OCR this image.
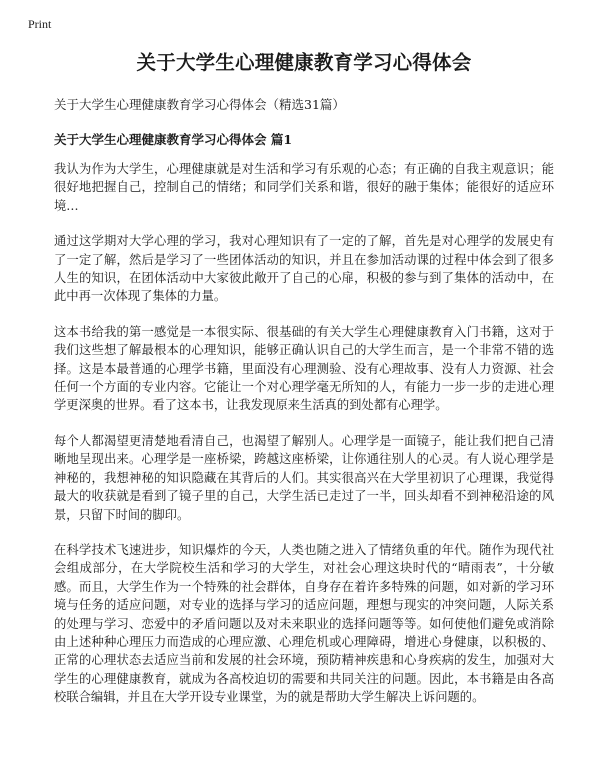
Print
关于大学生心理健康教育学习心得体会
关于大学生心理健康教育学习心得体会（精选31篇）
关于大学生心理健康教育学习心得体会 篇1

我认为作为大学生，心理健康就是对生活和学习有乐观的心态；有正确的自我主观意识；能很好地把握自己，控制自己的情绪；和同学们关系和谐，很好的融于集体；能很好的适应环境…

通过这学期对大学心理的学习，我对心理知识有了一定的了解，首先是对心理学的发展史有了一定了解，然后是学习了一些团体活动的知识，并且在参加活动课的过程中体会到了很多人生的知识，在团体活动中大家彼此敞开了自己的心扉，积极的参与到了集体的活动中，在此中再一次体现了集体的力量。

这本书给我的第一感觉是一本很实际、很基础的有关大学生心理健康教育入门书籍，这对于我们这些想了解最根本的心理知识，能够正确认识自己的大学生而言，是一个非常不错的选择。这是本最普通的心理学书籍，里面没有心理测验、没有心理故事、没有人力资源、社会任何一个方面的专业内容。它能让一个对心理学毫无所知的人，有能力一步一步的走进心理学更深奥的世界。看了这本书，让我发现原来生活真的到处都有心理学。

每个人都渴望更清楚地看清自己，也渴望了解别人。心理学是一面镜子，能让我们把自己清晰地呈现出来。心理学是一座桥梁，跨越这座桥梁，让你通往别人的心灵。有人说心理学是神秘的，我想神秘的知识隐藏在其背后的人们。其实很高兴在大学里初识了心理课，我觉得最大的收获就是看到了镜子里的自己，大学生活已走过了一半，回头却看不到神秘沿途的风景，只留下时间的脚印。

在科学技术飞速进步，知识爆炸的今天，人类也随之进入了情绪负重的年代。随作为现代社会组成部分，在大学院校生活和学习的大学生，对社会心理这块时代的“晴雨表”，十分敏感。而且，大学生作为一个特殊的社会群体，自身存在着许多特殊的问题，如对新的学习环境与任务的适应问题，对专业的选择与学习的适应问题，理想与现实的冲突问题，人际关系的处理与学习、恋爱中的矛盾问题以及对未来职业的选择问题等等。如何使他们避免或消除由上述种种心理压力而造成的心理应激、心理危机或心理障碍，增进心身健康，以积极的、正常的心理状态去适应当前和发展的社会环境，预防精神疾患和心身疾病的发生，加强对大学生的心理健康教育，就成为各高校迫切的需要和共同关注的问题。因此，本书籍是由各高校联合编辑，并且在大学开设专业课堂，为的就是帮助大学生解决上诉问题的。
